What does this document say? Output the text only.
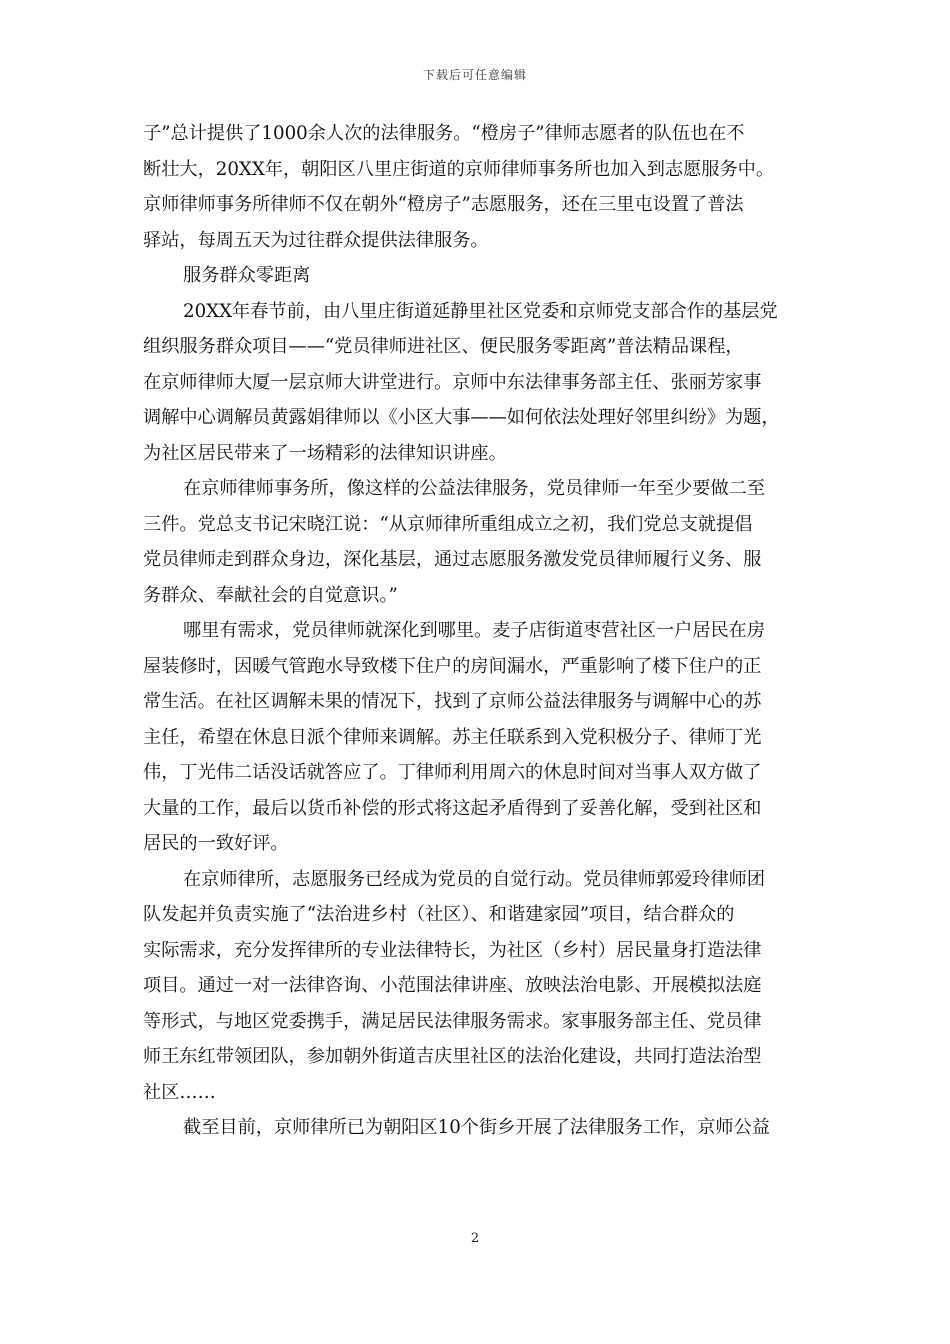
下载后可任意编辑
子”总计提供了1000余人次的法律服务。“橙房子”律师志愿者的队伍也在不
断壮大，20XX年，朝阳区八里庄街道的京师律师事务所也加入到志愿服务中。
京师律师事务所律师不仅在朝外“橙房子”志愿服务，还在三里屯设置了普法
驿站，每周五天为过往群众提供法律服务。
服务群众零距离
20XX年春节前，由八里庄街道延静里社区党委和京师党支部合作的基层党
组织服务群众项目——“党员律师进社区、便民服务零距离”普法精品课程，
在京师律师大厦一层京师大讲堂进行。京师中东法律事务部主任、张丽芳家事
调解中心调解员黄露娟律师以《小区大事——如何依法处理好邻里纠纷》为题，
为社区居民带来了一场精彩的法律知识讲座。
在京师律师事务所，像这样的公益法律服务，党员律师一年至少要做二至
三件。党总支书记宋晓江说：“从京师律所重组成立之初，我们党总支就提倡
党员律师走到群众身边，深化基层，通过志愿服务激发党员律师履行义务、服
务群众、奉献社会的自觉意识。”
哪里有需求，党员律师就深化到哪里。麦子店街道枣营社区一户居民在房
屋装修时，因暖气管跑水导致楼下住户的房间漏水，严重影响了楼下住户的正
常生活。在社区调解未果的情况下，找到了京师公益法律服务与调解中心的苏
主任，希望在休息日派个律师来调解。苏主任联系到入党积极分子、律师丁光
伟，丁光伟二话没话就答应了。丁律师利用周六的休息时间对当事人双方做了
大量的工作，最后以货币补偿的形式将这起矛盾得到了妥善化解，受到社区和
居民的一致好评。
在京师律所，志愿服务已经成为党员的自觉行动。党员律师郭爱玲律师团
队发起并负责实施了“法治进乡村（社区）、和谐建家园”项目，结合群众的
实际需求，充分发挥律所的专业法律特长，为社区（乡村）居民量身打造法律
项目。通过一对一法律咨询、小范围法律讲座、放映法治电影、开展模拟法庭
等形式，与地区党委携手，满足居民法律服务需求。家事服务部主任、党员律
师王东红带领团队，参加朝外街道吉庆里社区的法治化建设，共同打造法治型
社区……
截至目前，京师律所已为朝阳区10个街乡开展了法律服务工作，京师公益
2
